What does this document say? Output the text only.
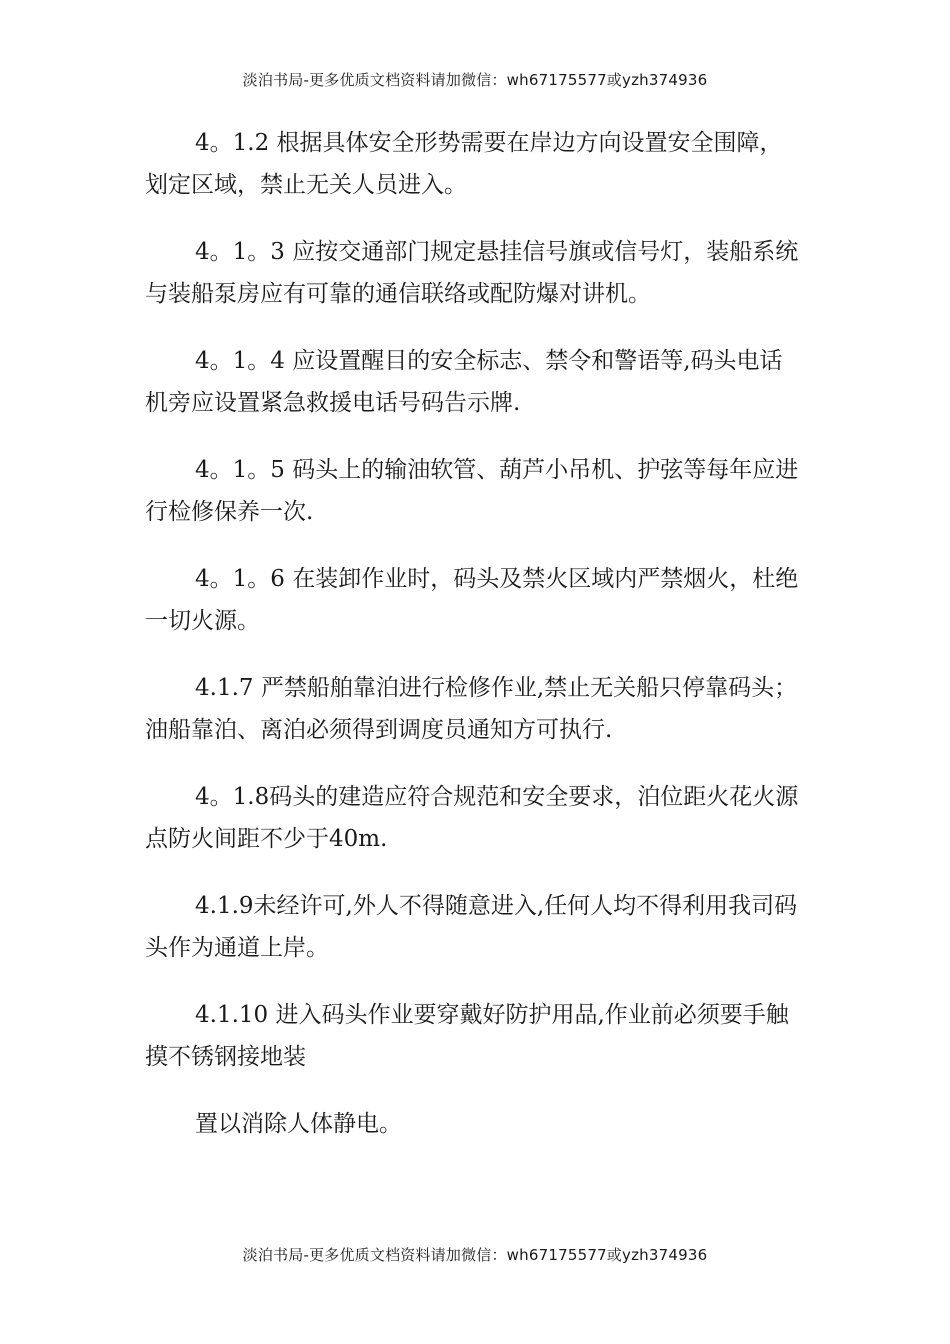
淡泊书局-更多优质文档资料请加微信：wh67175577或yzh374936

4。1.2 根据具体安全形势需要在岸边方向设置安全围障，划定区域，禁止无关人员进入。

4。1。3 应按交通部门规定悬挂信号旗或信号灯，装船系统与装船泵房应有可靠的通信联络或配防爆对讲机。

4。1。4 应设置醒目的安全标志、禁令和警语等,码头电话机旁应设置紧急救援电话号码告示牌.

4。1。5 码头上的输油软管、葫芦小吊机、护弦等每年应进行检修保养一次.

4。1。6 在装卸作业时，码头及禁火区域内严禁烟火，杜绝一切火源。

4.1.7 严禁船舶靠泊进行检修作业,禁止无关船只停靠码头；油船靠泊、离泊必须得到调度员通知方可执行.

4。1.8码头的建造应符合规范和安全要求，泊位距火花火源点防火间距不少于40m.

4.1.9未经许可,外人不得随意进入,任何人均不得利用我司码头作为通道上岸。

4.1.10 进入码头作业要穿戴好防护用品,作业前必须要手触摸不锈钢接地装

置以消除人体静电。

淡泊书局-更多优质文档资料请加微信：wh67175577或yzh374936
